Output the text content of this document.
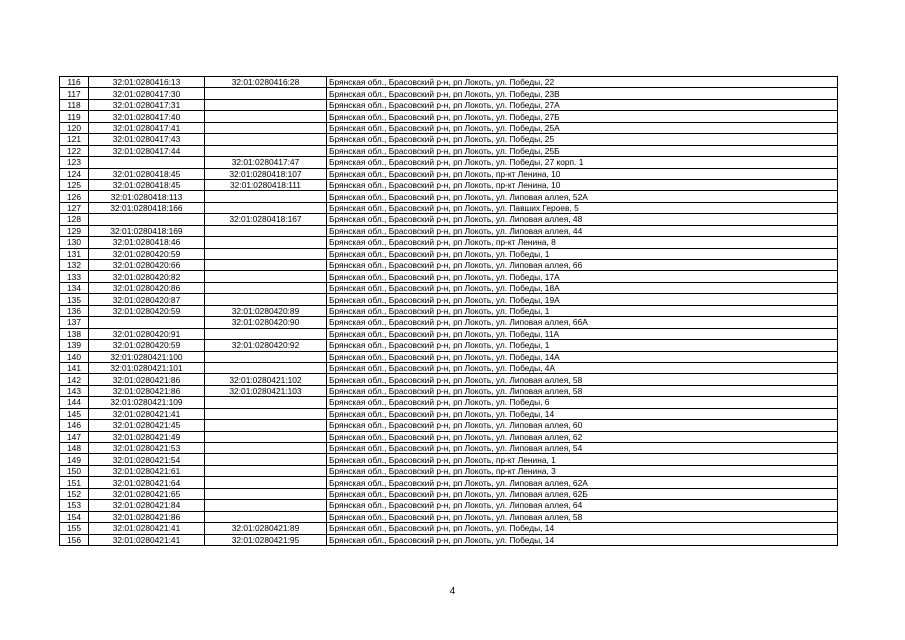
116	32:01:0280416:13	32:01:0280416:28	Брянская обл., Брасовский р-н, рп Локоть, ул. Победы, 22
117	32:01:0280417:30		Брянская обл., Брасовский р-н, рп Локоть, ул. Победы, 23В
118	32:01:0280417:31		Брянская обл., Брасовский р-н, рп Локоть, ул. Победы, 27А
119	32:01:0280417:40		Брянская обл., Брасовский р-н, рп Локоть, ул. Победы, 27Б
120	32:01:0280417:41		Брянская обл., Брасовский р-н, рп Локоть, ул. Победы, 25А
121	32:01:0280417:43		Брянская обл., Брасовский р-н, рп Локоть, ул. Победы, 25
122	32:01:0280417:44		Брянская обл., Брасовский р-н, рп Локоть, ул. Победы, 25Б
123		32:01:0280417:47	Брянская обл., Брасовский р-н, рп Локоть, ул. Победы, 27 корп. 1
124	32:01:0280418:45	32:01:0280418:107	Брянская обл., Брасовский р-н, рп Локоть, пр-кт Ленина, 10
125	32:01:0280418:45	32:01:0280418:111	Брянская обл., Брасовский р-н, рп Локоть, пр-кт Ленина, 10
126	32:01:0280418:113		Брянская обл., Брасовский р-н, рп Локоть, ул. Липовая аллея, 52А
127	32:01:0280418:166		Брянская обл., Брасовский р-н, рп Локоть, ул. Павших Героев, 5
128		32:01:0280418:167	Брянская обл., Брасовский р-н, рп Локоть, ул. Липовая аллея, 48
129	32:01:0280418:169		Брянская обл., Брасовский р-н, рп Локоть, ул. Липовая аллея, 44
130	32:01:0280418:46		Брянская обл., Брасовский р-н, рп Локоть, пр-кт Ленина, 8
131	32:01:0280420:59		Брянская обл., Брасовский р-н, рп Локоть, ул. Победы, 1
132	32:01:0280420:66		Брянская обл., Брасовский р-н, рп Локоть, ул. Липовая аллея, 66
133	32:01:0280420:82		Брянская обл., Брасовский р-н, рп Локоть, ул. Победы, 17А
134	32:01:0280420:86		Брянская обл., Брасовский р-н, рп Локоть, ул. Победы, 18А
135	32:01:0280420:87		Брянская обл., Брасовский р-н, рп Локоть, ул. Победы, 19А
136	32:01:0280420:59	32:01:0280420:89	Брянская обл., Брасовский р-н, рп Локоть, ул. Победы, 1
137		32:01:0280420:90	Брянская обл., Брасовский р-н, рп Локоть, ул. Липовая аллея, 66А
138	32:01:0280420:91		Брянская обл., Брасовский р-н, рп Локоть, ул. Победы, 11А
139	32:01:0280420:59	32:01:0280420:92	Брянская обл., Брасовский р-н, рп Локоть, ул. Победы, 1
140	32:01:0280421:100		Брянская обл., Брасовский р-н, рп Локоть, ул. Победы, 14А
141	32:01:0280421:101		Брянская обл., Брасовский р-н, рп Локоть, ул. Победы, 4А
142	32:01:0280421:86	32:01:0280421:102	Брянская обл., Брасовский р-н, рп Локоть, ул. Липовая аллея, 58
143	32:01:0280421:86	32:01:0280421:103	Брянская обл., Брасовский р-н, рп Локоть, ул. Липовая аллея, 58
144	32:01:0280421:109		Брянская обл., Брасовский р-н, рп Локоть, ул. Победы, 6
145	32:01:0280421:41		Брянская обл., Брасовский р-н, рп Локоть, ул. Победы, 14
146	32:01:0280421:45		Брянская обл., Брасовский р-н, рп Локоть, ул. Липовая аллея, 60
147	32:01:0280421:49		Брянская обл., Брасовский р-н, рп Локоть, ул. Липовая аллея, 62
148	32:01:0280421:53		Брянская обл., Брасовский р-н, рп Локоть, ул. Липовая аллея, 54
149	32:01:0280421:54		Брянская обл., Брасовский р-н, рп Локоть, пр-кт Ленина, 1
150	32:01:0280421:61		Брянская обл., Брасовский р-н, рп Локоть, пр-кт Ленина, 3
151	32:01:0280421:64		Брянская обл., Брасовский р-н, рп Локоть, ул. Липовая аллея, 62А
152	32:01:0280421:65		Брянская обл., Брасовский р-н, рп Локоть, ул. Липовая аллея, 62Б
153	32:01:0280421:84		Брянская обл., Брасовский р-н, рп Локоть, ул. Липовая аллея, 64
154	32:01:0280421:86		Брянская обл., Брасовский р-н, рп Локоть, ул. Липовая аллея, 58
155	32:01:0280421:41	32:01:0280421:89	Брянская обл., Брасовский р-н, рп Локоть, ул. Победы, 14
156	32:01:0280421:41	32:01:0280421:95	Брянская обл., Брасовский р-н, рп Локоть, ул. Победы, 14
4
